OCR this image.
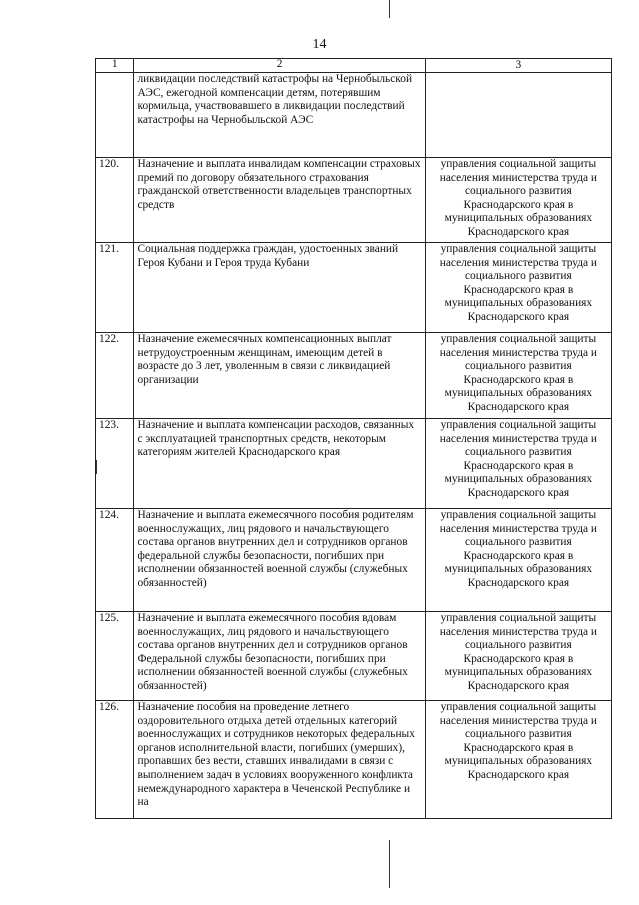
14
1	2	3
	ликвидации последствий катастрофы на Чернобыльской АЭС, ежегодной компенсации детям, потерявшим кормильца, участвовавшего в ликвидации последствий катастрофы на Чернобыльской АЭС	
120.	Назначение и выплата инвалидам компенсации страховых премий по договору обязательного страхования гражданской ответственности владельцев транспортных средств	управления социальной защиты населения министерства труда и социального развития Краснодарского края в муниципальных образованиях Краснодарского края
121.	Социальная поддержка граждан, удостоенных званий Героя Кубани и Героя труда Кубани	управления социальной защиты населения министерства труда и социального развития Краснодарского края в муниципальных образованиях Краснодарского края
122.	Назначение ежемесячных компенсационных выплат нетрудоустроенным женщинам, имеющим детей в возрасте до 3 лет, уволенным в связи с ликвидацией организации	управления социальной защиты населения министерства труда и социального развития Краснодарского края в муниципальных образованиях Краснодарского края
123.	Назначение и выплата компенсации расходов, связанных с эксплуатацией транспортных средств, некоторым категориям жителей Краснодарского края	управления социальной защиты населения министерства труда и социального развития Краснодарского края в муниципальных образованиях Краснодарского края
124.	Назначение и выплата ежемесячного пособия родителям военнослужащих, лиц рядового и начальствующего состава органов внутренних дел и сотрудников органов федеральной службы безопасности, погибших при исполнении обязанностей военной службы (служебных обязанностей)	управления социальной защиты населения министерства труда и социального развития Краснодарского края в муниципальных образованиях Краснодарского края
125.	Назначение и выплата ежемесячного пособия вдовам военнослужащих, лиц рядового и начальствующего состава органов внутренних дел и сотрудников органов Федеральной службы безопасности, погибших при исполнении обязанностей военной службы (служебных обязанностей)	управления социальной защиты населения министерства труда и социального развития Краснодарского края в муниципальных образованиях Краснодарского края
126.	Назначение пособия на проведение летнего оздоровительного отдыха детей отдельных категорий военнослужащих и сотрудников некоторых федеральных органов исполнительной власти, погибших (умерших), пропавших без вести, ставших инвалидами в связи с выполнением задач в условиях вооруженного конфликта немеждународного характера в Чеченской Республике и на	управления социальной защиты населения министерства труда и социального развития Краснодарского края в муниципальных образованиях Краснодарского края
